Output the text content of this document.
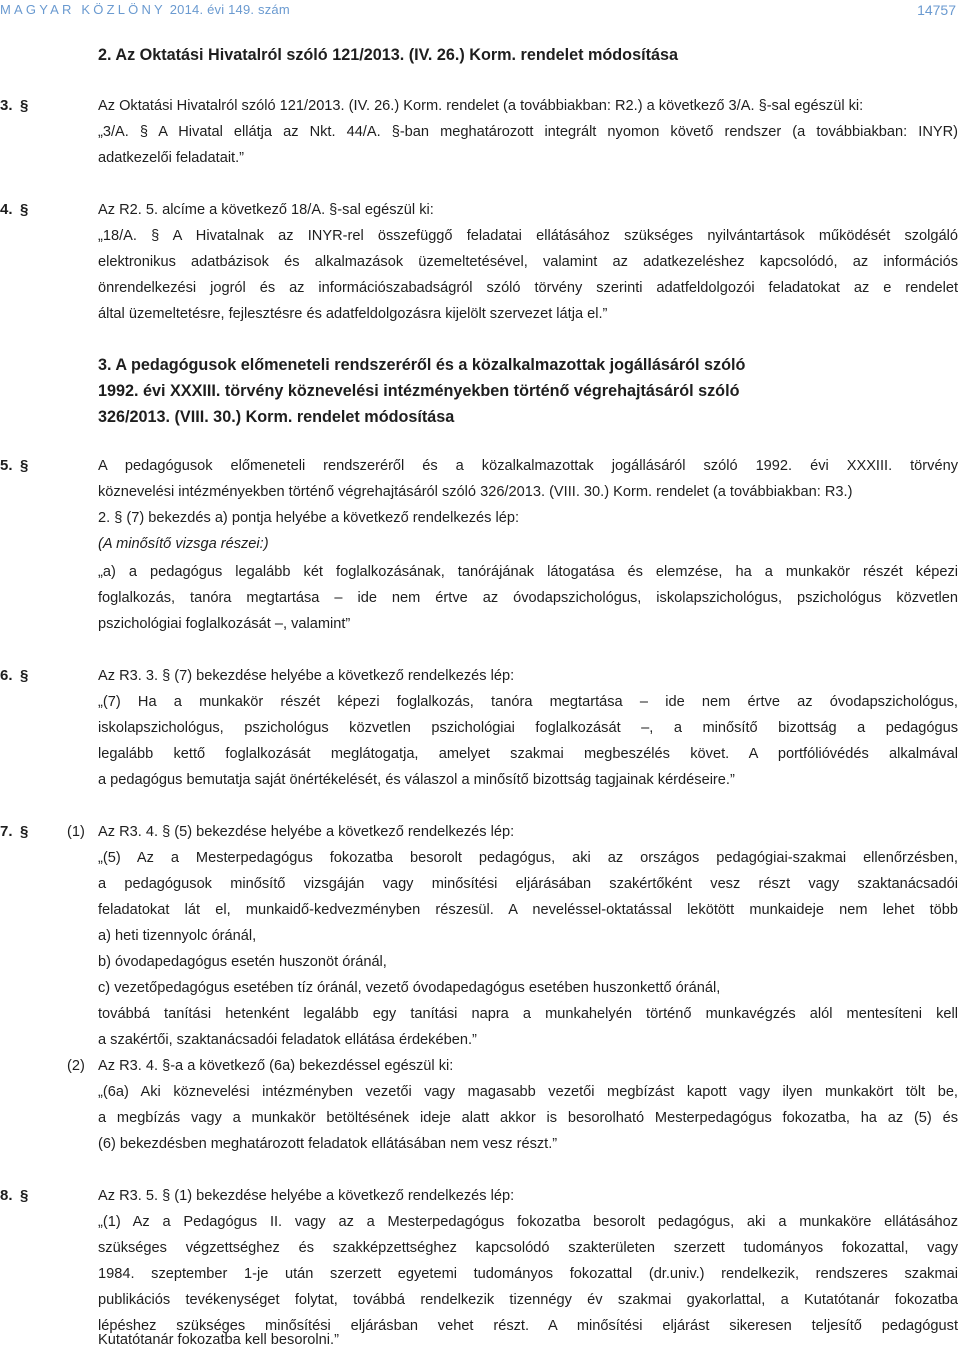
MAGYAR KÖZLÖNY 2014. évi 149. szám	14757
2. Az Oktatási Hivatalról szóló 121/2013. (IV. 26.) Korm. rendelet módosítása
3. §	Az Oktatási Hivatalról szóló 121/2013. (IV. 26.) Korm. rendelet (a továbbiakban: R2.) a következő 3/A. §-sal egészül ki:
„3/A. § A Hivatal ellátja az Nkt. 44/A. §-ban meghatározott integrált nyomon követő rendszer (a továbbiakban: INYR)
adatkezelői feladatait.”
4. §	Az R2. 5. alcíme a következő 18/A. §-sal egészül ki:
„18/A. § A Hivatalnak az INYR-rel összefüggő feladatai ellátásához szükséges nyilvántartások működését szolgáló
elektronikus adatbázisok és alkalmazások üzemeltetésével, valamint az adatkezeléshez kapcsolódó, az információs
önrendelkezési jogról és az információszabadságról szóló törvény szerinti adatfeldolgozói feladatokat az e rendelet
által üzemeltetésre, fejlesztésre és adatfeldolgozásra kijelölt szervezet látja el.”
3. A pedagógusok előmeneteli rendszeréről és a közalkalmazottak jogállásáról szóló
1992. évi XXXIII. törvény köznevelési intézményekben történő végrehajtásáról szóló
326/2013. (VIII. 30.) Korm. rendelet módosítása
5. §	A pedagógusok előmeneteli rendszeréről és a közalkalmazottak jogállásáról szóló 1992. évi XXXIII. törvény
köznevelési intézményekben történő végrehajtásáról szóló 326/2013. (VIII. 30.) Korm. rendelet (a továbbiakban: R3.)
2. § (7) bekezdés a) pontja helyébe a következő rendelkezés lép:
(A minősítő vizsga részei:)
„a) a pedagógus legalább két foglalkozásának, tanórájának látogatása és elemzése, ha a munkakör részét képezi
foglalkozás, tanóra megtartása – ide nem értve az óvodapszichológus, iskolapszichológus, pszichológus közvetlen
pszichológiai foglalkozását –, valamint”
6. §	Az R3. 3. § (7) bekezdése helyébe a következő rendelkezés lép:
„(7) Ha a munkakör részét képezi foglalkozás, tanóra megtartása – ide nem értve az óvodapszichológus,
iskolapszichológus, pszichológus közvetlen pszichológiai foglalkozását –, a minősítő bizottság a pedagógus
legalább kettő foglalkozását meglátogatja, amelyet szakmai megbeszélés követ. A portfólióvédés alkalmával
a pedagógus bemutatja saját önértékelését, és válaszol a minősítő bizottság tagjainak kérdéseire.”
7. §	(1) Az R3. 4. § (5) bekezdése helyébe a következő rendelkezés lép:
„(5) Az a Mesterpedagógus fokozatba besorolt pedagógus, aki az országos pedagógiai-szakmai ellenőrzésben,
a pedagógusok minősítő vizsgáján vagy minősítési eljárásában szakértőként vesz részt vagy szaktanácsadói
feladatokat lát el, munkaidő-kedvezményben részesül. A neveléssel-oktatással lekötött munkaideje nem lehet több
a) heti tizennyolc óránál,
b) óvodapedagógus esetén huszonöt óránál,
c) vezetőpedagógus esetében tíz óránál, vezető óvodapedagógus esetében huszonkettő óránál,
továbbá tanítási hetenként legalább egy tanítási napra a munkahelyén történő munkavégzés alól mentesíteni kell
a szakértői, szaktanácsadói feladatok ellátása érdekében.”
(2) Az R3. 4. §-a a következő (6a) bekezdéssel egészül ki:
„(6a) Aki köznevelési intézményben vezetői vagy magasabb vezetői megbízást kapott vagy ilyen munkakört tölt be,
a megbízás vagy a munkakör betöltésének ideje alatt akkor is besorolható Mesterpedagógus fokozatba, ha az (5) és
(6) bekezdésben meghatározott feladatok ellátásában nem vesz részt.”
8. §	Az R3. 5. § (1) bekezdése helyébe a következő rendelkezés lép:
„(1) Az a Pedagógus II. vagy az a Mesterpedagógus fokozatba besorolt pedagógus, aki a munkaköre ellátásához
szükséges végzettséghez és szakképzettséghez kapcsolódó szakterületen szerzett tudományos fokozattal, vagy
1984. szeptember 1-je után szerzett egyetemi tudományos fokozattal (dr.univ.) rendelkezik, rendszeres szakmai
publikációs tevékenységet folytat, továbbá rendelkezik tizennégy év szakmai gyakorlattal, a Kutatótanár fokozatba
lépéshez szükséges minősítési eljárásban vehet részt. A minősítési eljárást sikeresen teljesítő pedagógust
Kutatótanár fokozatba kell besorolni.”
